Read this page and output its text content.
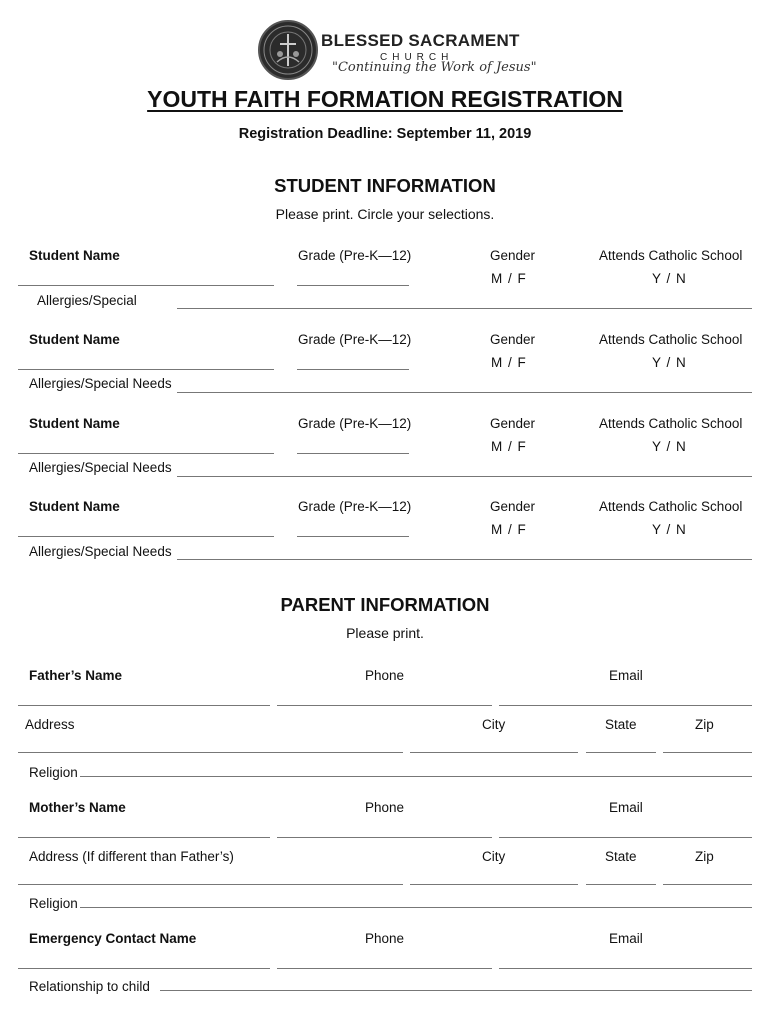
BLESSED SACRAMENT
CHURCH
"Continuing the Work of Jesus"
YOUTH FAITH FORMATION REGISTRATION
Registration Deadline: September 11, 2019
STUDENT INFORMATION
Please print. Circle your selections.
Student Name	Grade (Pre-K—12)	Gender	Attends Catholic School
M / F	Y / N
Allergies/Special
Student Name	Grade (Pre-K—12)	Gender	Attends Catholic School
M / F	Y / N
Allergies/Special Needs
Student Name	Grade (Pre-K—12)	Gender	Attends Catholic School
M / F	Y / N
Allergies/Special Needs
Student Name	Grade (Pre-K—12)	Gender	Attends Catholic School
M / F	Y / N
Allergies/Special Needs
PARENT INFORMATION
Please print.
Father’s Name	Phone	Email
Address	City	State	Zip
Religion
Mother’s Name	Phone	Email
Address (If different than Father’s)	City	State	Zip
Religion
Emergency Contact Name	Phone	Email
Relationship to child
